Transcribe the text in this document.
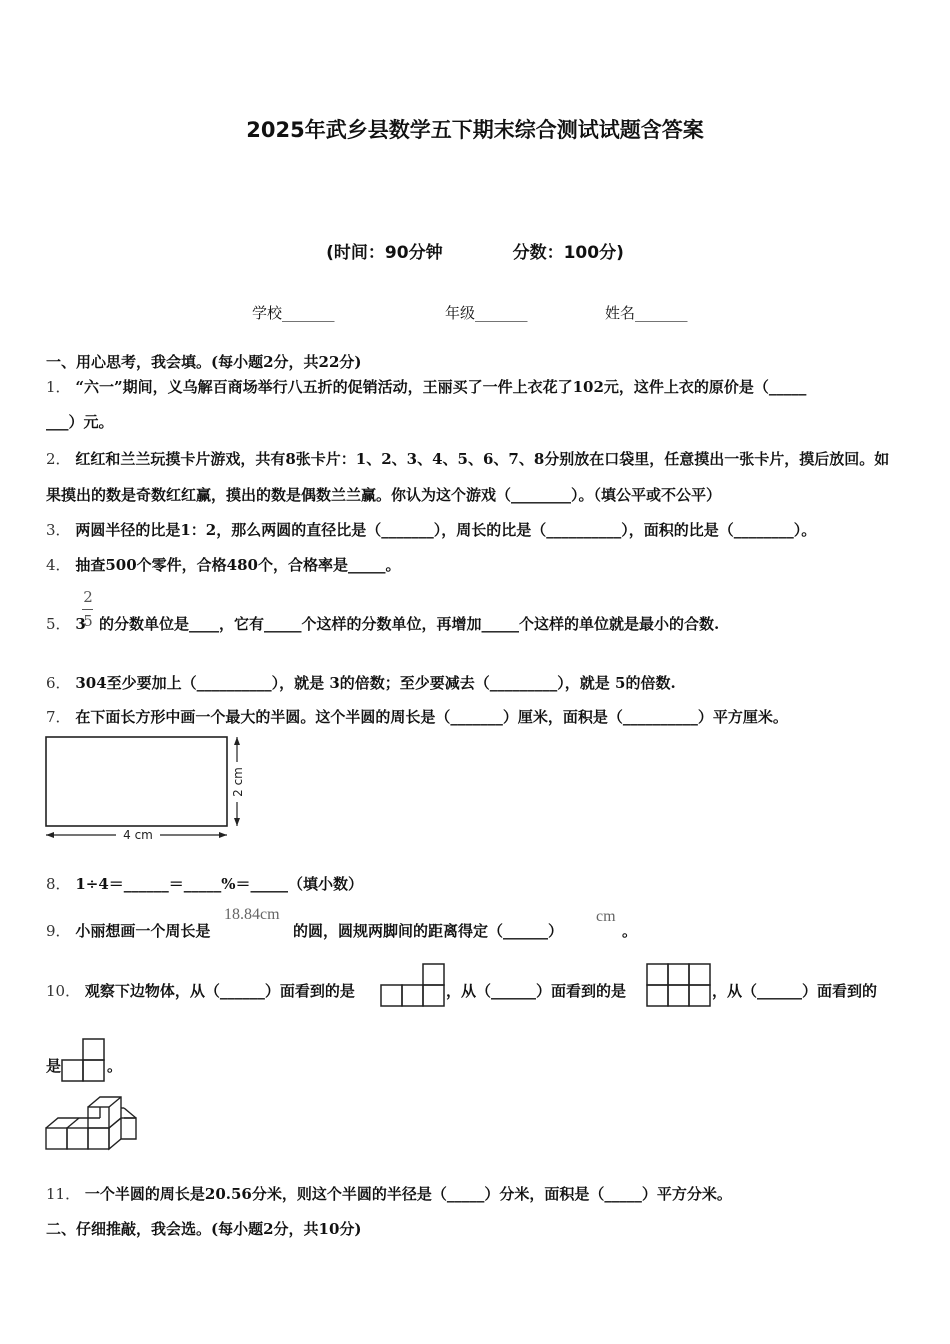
2025年武乡县数学五下期末综合测试试题含答案
(时间：90分钟	分数：100分)
学校_______	年级_______	姓名_______
一、用心思考，我会填。(每小题2分，共22分)
1． “六一”期间，义乌解百商场举行八五折的促销活动，王丽买了一件上衣花了102元，这件上衣的原价是（_____
___）元。
2． 红红和兰兰玩摸卡片游戏，共有8张卡片：1、2、3、4、5、6、7、8分别放在口袋里，任意摸出一张卡片，摸后放回。如
果摸出的数是奇数红红赢，摸出的数是偶数兰兰赢。你认为这个游戏（________）。（填公平或不公平）
3． 两圆半径的比是1：2，那么两圆的直径比是（_______），周长的比是（__________），面积的比是（________）。
4． 抽查500个零件，合格480个，合格率是_____。
2
5
5． 3 的分数单位是____，它有_____个这样的分数单位，再增加_____个这样的单位就是最小的合数.
6． 304至少要加上（__________），就是 3的倍数；至少要减去（_________），就是 5的倍数.
7． 在下面长方形中画一个最大的半圆。这个半圆的周长是（_______）厘米，面积是（__________）平方厘米。
4 cm
2 cm
8． 1÷4＝______＝_____%＝_____（填小数）
9． 小丽想画一个周长是
18.84cm
的圆，圆规两脚间的距离得定（______）
cm
。
10． 观察下边物体，从（______）面看到的是	，从（______）面看到的是	，从（______）面看到的
是	。
11． 一个半圆的周长是20.56分米，则这个半圆的半径是（_____）分米，面积是（_____）平方分米。
二、仔细推敲，我会选。(每小题2分，共10分)
